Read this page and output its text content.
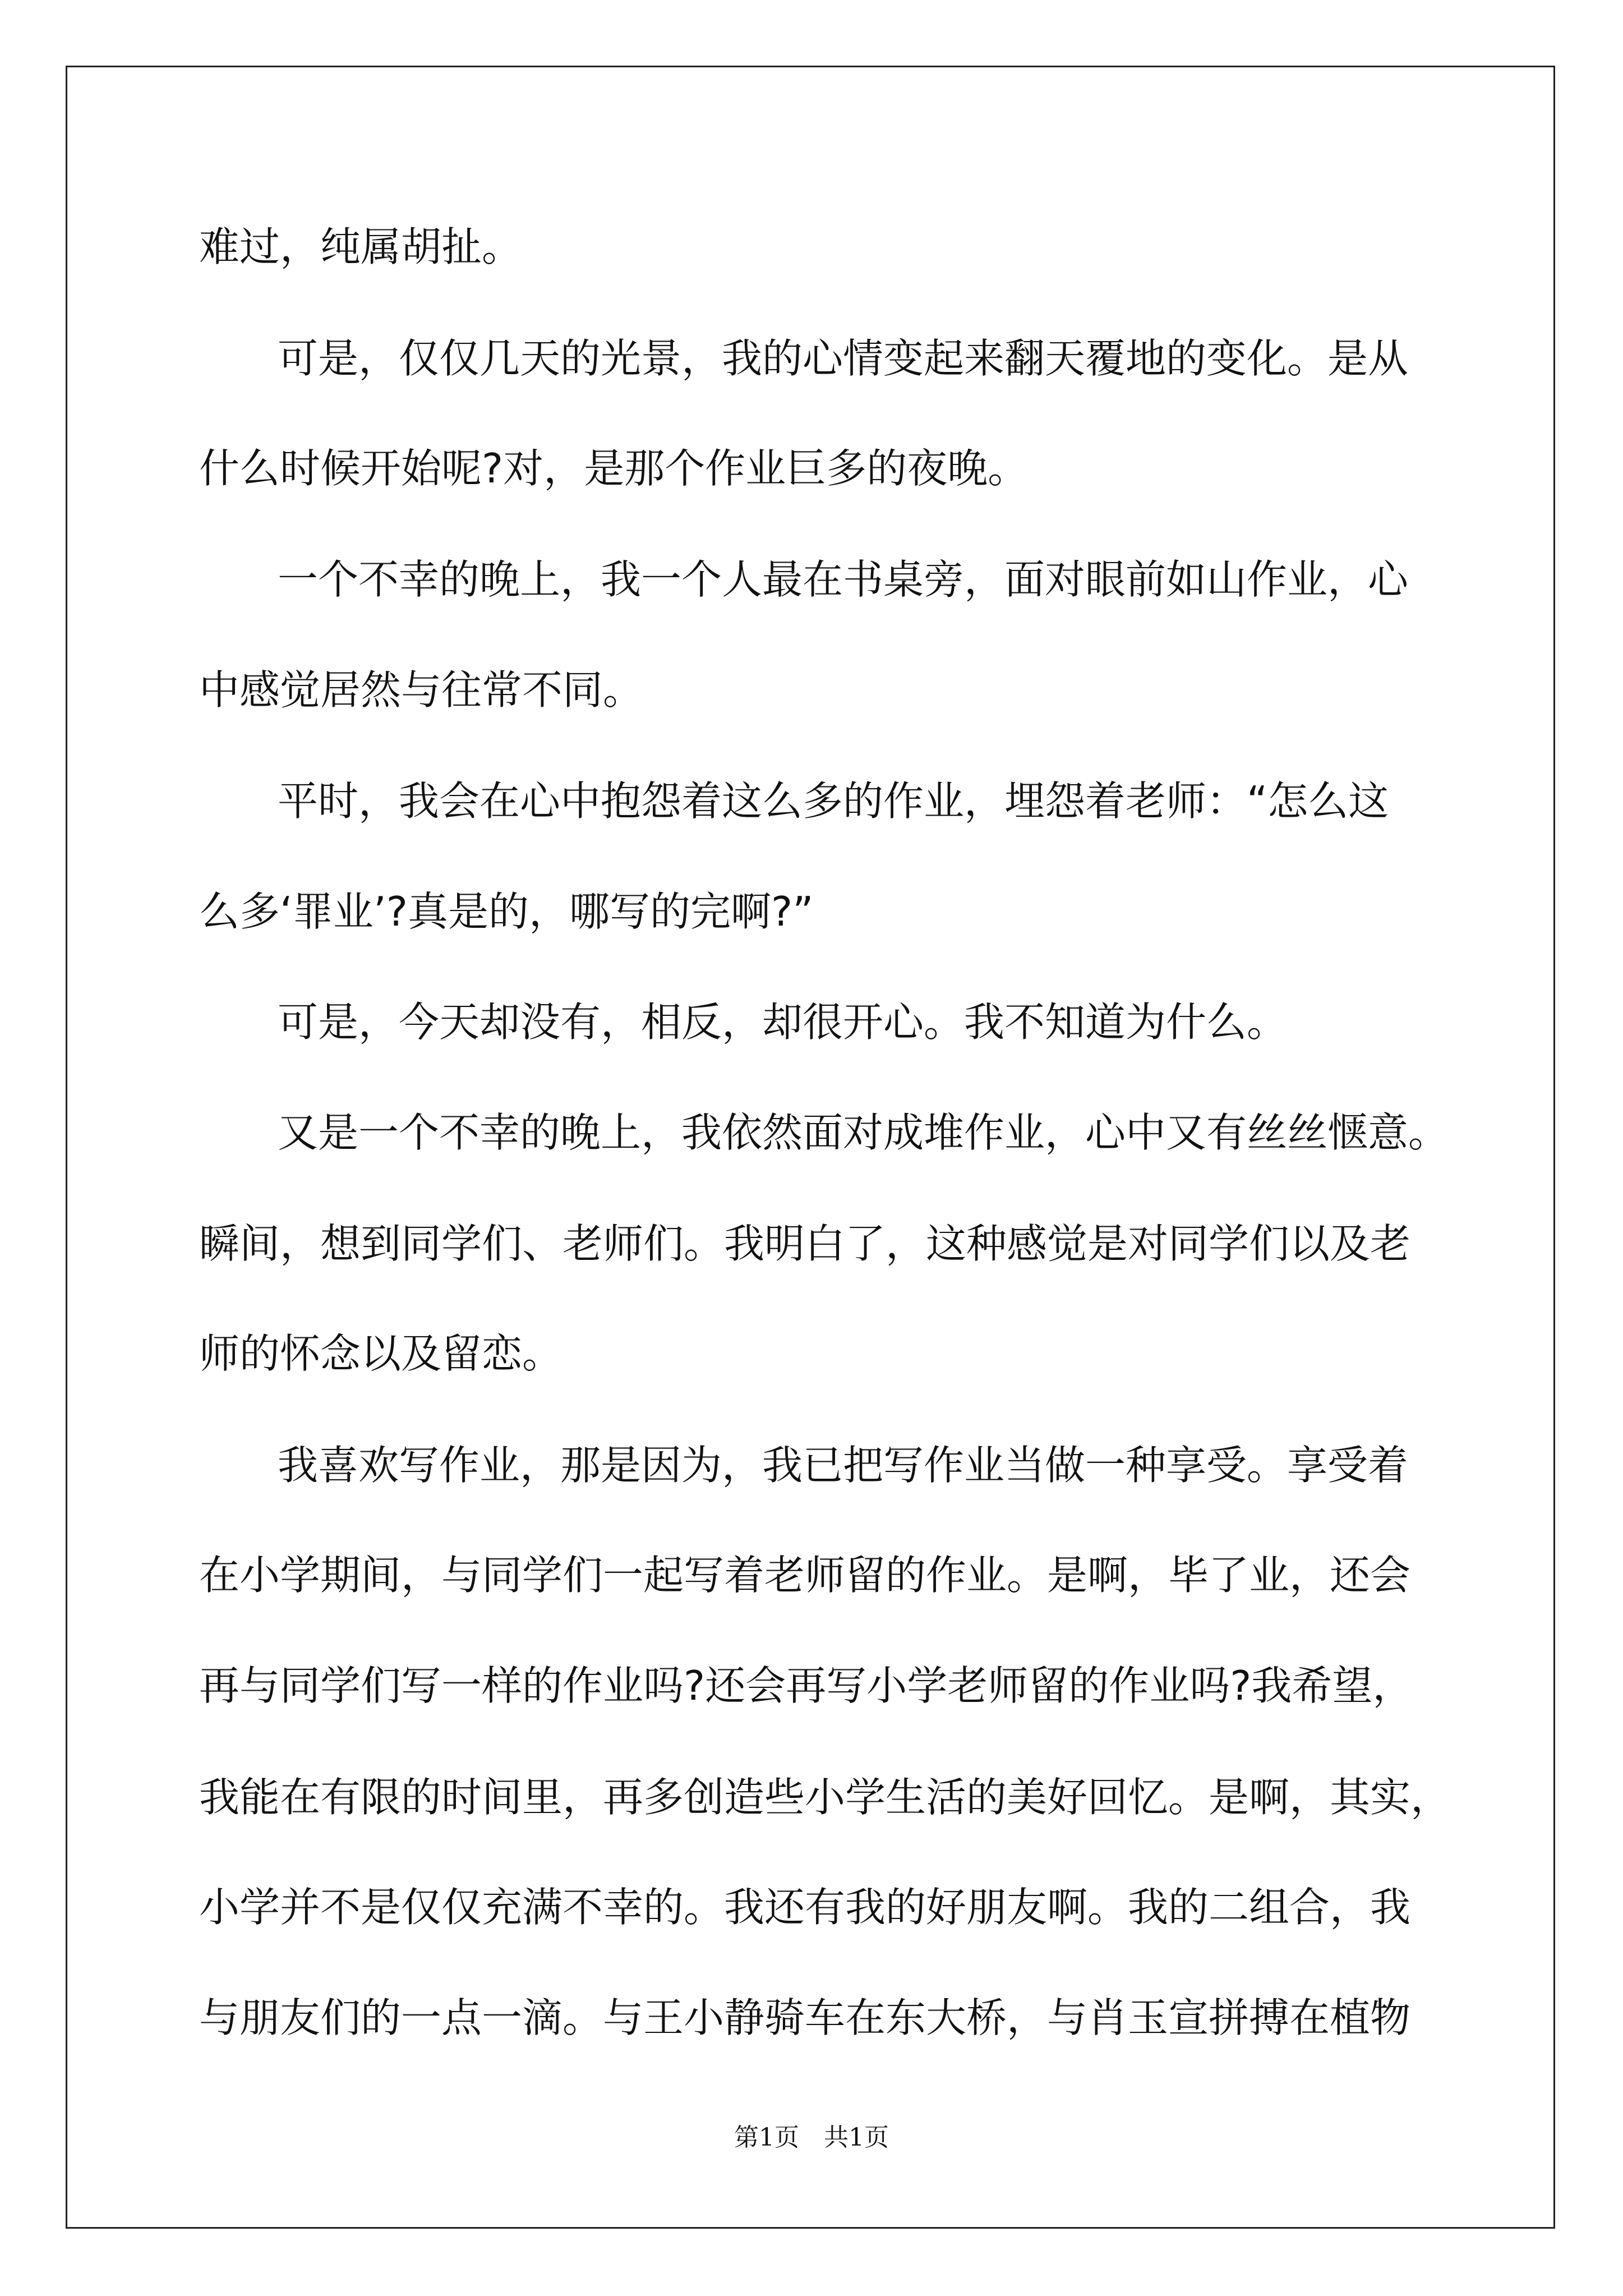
难过，纯属胡扯。
可是，仅仅几天的光景，我的心情变起来翻天覆地的变化。是从
什么时候开始呢?对，是那个作业巨多的夜晚。
一个不幸的晚上，我一个人最在书桌旁，面对眼前如山作业，心
中感觉居然与往常不同。
平时，我会在心中抱怨着这么多的作业，埋怨着老师：“怎么这
么多‘罪业’?真是的，哪写的完啊?”
可是，今天却没有，相反，却很开心。我不知道为什么。
又是一个不幸的晚上，我依然面对成堆作业，心中又有丝丝惬意。
瞬间，想到同学们、老师们。我明白了，这种感觉是对同学们以及老
师的怀念以及留恋。
我喜欢写作业，那是因为，我已把写作业当做一种享受。享受着
在小学期间，与同学们一起写着老师留的作业。是啊，毕了业，还会
再与同学们写一样的作业吗?还会再写小学老师留的作业吗?我希望，
我能在有限的时间里，再多创造些小学生活的美好回忆。是啊，其实，
小学并不是仅仅充满不幸的。我还有我的好朋友啊。我的二组合，我
与朋友们的一点一滴。与王小静骑车在东大桥，与肖玉宣拼搏在植物
第1页　共1页
